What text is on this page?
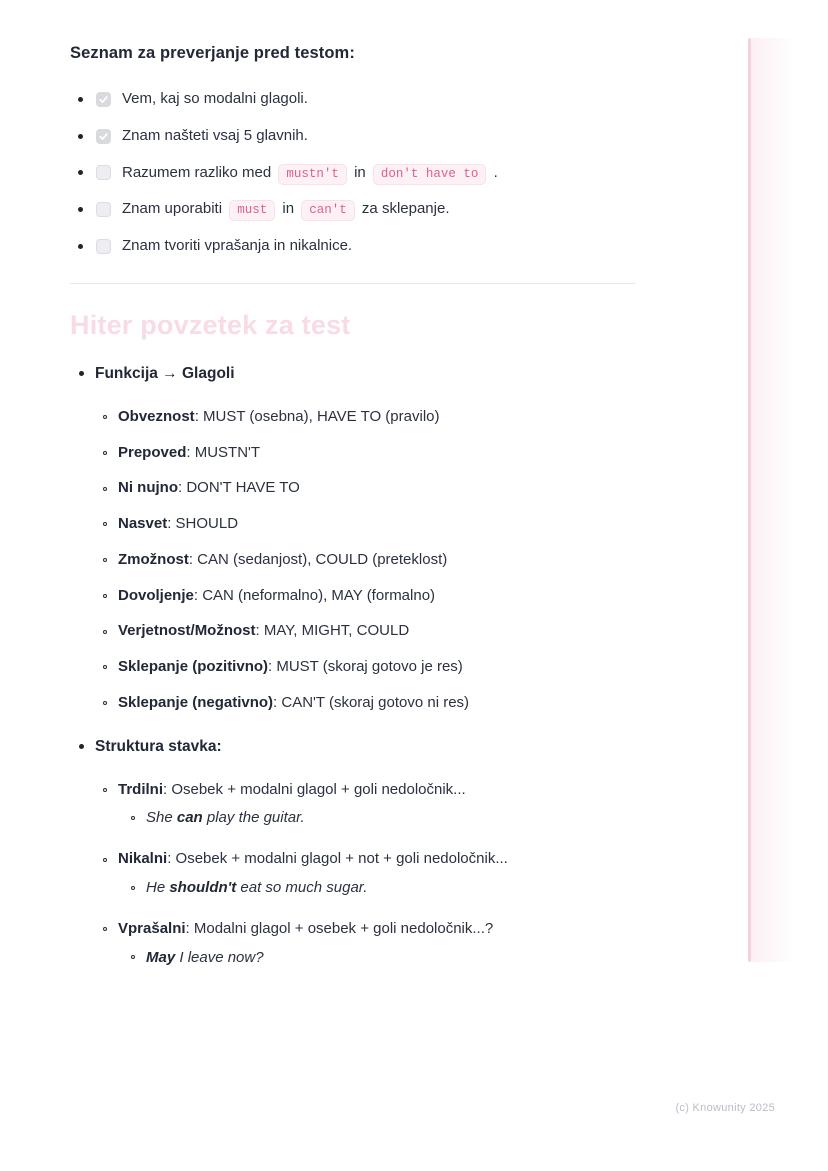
Seznam za preverjanje pred testom:
Vem, kaj so modalni glagoli.
Znam našteti vsaj 5 glavnih.
Razumem razliko med mustn't in don't have to .
Znam uporabiti must in can't za sklepanje.
Znam tvoriti vprašanja in nikalnice.
Hiter povzetek za test
Funkcija → Glagoli
Obveznost: MUST (osebna), HAVE TO (pravilo)
Prepoved: MUSTN'T
Ni nujno: DON'T HAVE TO
Nasvet: SHOULD
Zmožnost: CAN (sedanjost), COULD (preteklost)
Dovoljenje: CAN (neformalno), MAY (formalno)
Verjetnost/Možnost: MAY, MIGHT, COULD
Sklepanje (pozitivno): MUST (skoraj gotovo je res)
Sklepanje (negativno): CAN'T (skoraj gotovo ni res)
Struktura stavka:
Trdilni: Osebek + modalni glagol + goli nedoločnik...
She can play the guitar.
Nikalni: Osebek + modalni glagol + not + goli nedoločnik...
He shouldn't eat so much sugar.
Vprašalni: Modalni glagol + osebek + goli nedoločnik...?
May I leave now?
(c) Knowunity 2025
